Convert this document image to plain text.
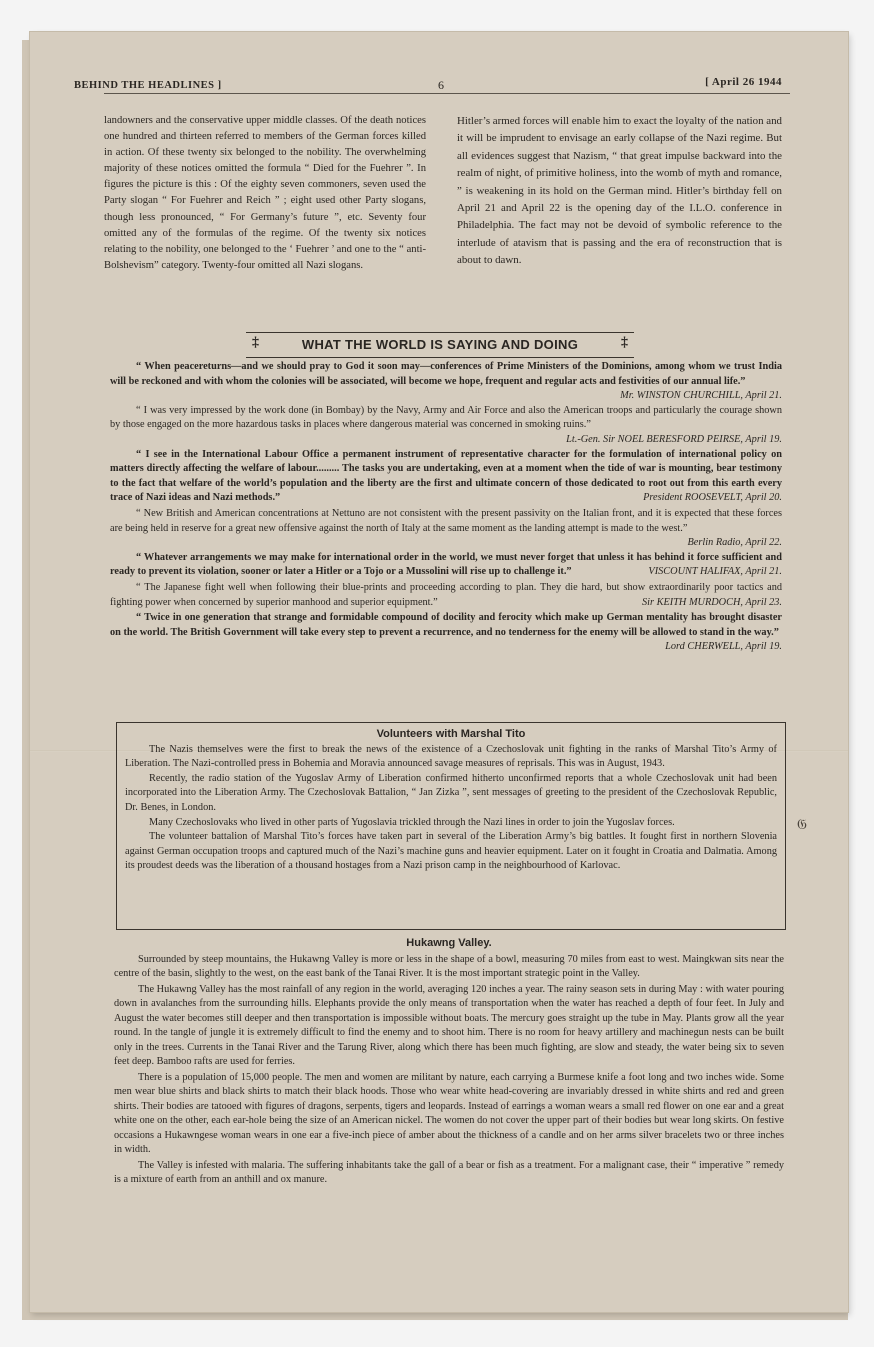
BEHIND THE HEADLINES ]	6	[ April 26 1944

landowners and the conservative upper middle classes. Of the death notices one hundred and thirteen referred to members of the German forces killed in action. Of these twenty six belonged to the nobility. The overwhelming majority of these notices omitted the formula “ Died for the Fuehrer ”. In figures the picture is this : Of the eighty seven commoners, seven used the Party slogan “ For Fuehrer and Reich ” ; eight used other Party slogans, though less pronounced, “ For Germany’s future ”, etc. Seventy four omitted any of the formulas of the regime. Of the twenty six notices relating to the nobility, one belonged to the ‘ Fuehrer ’ and one to the “ anti-Bolshevism” category. Twenty-four omitted all Nazi slogans.

Hitler’s armed forces will enable him to exact the loyalty of the nation and it will be imprudent to envisage an early collapse of the Nazi regime. But all evidences suggest that Nazism, “ that great impulse backward into the realm of night, of primitive holiness, into the womb of myth and romance, ” is weakening in its hold on the German mind. Hitler’s birthday fell on April 21 and April 22 is the opening day of the I.L.O. conference in Philadelphia. The fact may not be devoid of symbolic reference to the interlude of atavism that is passing and the era of reconstruction that is about to dawn.

‡	WHAT THE WORLD IS SAYING AND DOING	‡

“ When peacereturns—and we should pray to God it soon may—conferences of Prime Ministers of the Dominions, among whom we trust India will be reckoned and with whom the colonies will be associated, will become we hope, frequent and regular acts and festivities of our annual life.”
Mr. WINSTON CHURCHILL, April 21.

“ I was very impressed by the work done (in Bombay) by the Navy, Army and Air Force and also the American troops and particularly the courage shown by those engaged on the more hazardous tasks in places where dangerous material was concerned in smoking ruins.”
Lt.-Gen. Sir NOEL BERESFORD PEIRSE, April 19.

“ I see in the International Labour Office a permanent instrument of representative character for the formulation of international policy on matters directly affecting the welfare of labour......... The tasks you are undertaking, even at a moment when the tide of war is mounting, bear testimony to the fact that welfare of the world’s population and the liberty are the first and ultimate concern of those dedicated to root out from this earth every trace of Nazi ideas and Nazi methods.”	President ROOSEVELT, April 20.

“ New British and American concentrations at Nettuno are not consistent with the present passivity on the Italian front, and it is expected that these forces are being held in reserve for a great new offensive against the north of Italy at the same moment as the landing attempt is made to the west.”
Berlin Radio, April 22.

“ Whatever arrangements we may make for international order in the world, we must never forget that unless it has behind it force sufficient and ready to prevent its violation, sooner or later a Hitler or a Tojo or a Mussolini will rise up to challenge it.”	VISCOUNT HALIFAX, April 21.

“ The Japanese fight well when following their blue-prints and proceeding according to plan. They die hard, but show extraordinarily poor tactics and fighting power when concerned by superior manhood and superior equipment.”	Sir KEITH MURDOCH, April 23.

“ Twice in one generation that strange and formidable compound of docility and ferocity which make up German mentality has brought disaster on the world. The British Government will take every step to prevent a recurrence, and no tenderness for the enemy will be allowed to stand in the way.”
Lord CHERWELL, April 19.

Volunteers with Marshal Tito

The Nazis themselves were the first to break the news of the existence of a Czechoslovak unit fighting in the ranks of Marshal Tito’s Army of Liberation. The Nazi-controlled press in Bohemia and Moravia announced savage measures of reprisals. This was in August, 1943.

Recently, the radio station of the Yugoslav Army of Liberation confirmed hitherto unconfirmed reports that a whole Czechoslovak unit had been incorporated into the Liberation Army. The Czechoslovak Battalion, “ Jan Zizka ”, sent messages of greeting to the president of the Czechoslovak Republic, Dr. Benes, in London.

Many Czechoslovaks who lived in other parts of Yugoslavia trickled through the Nazi lines in order to join the Yugoslav forces.

The volunteer battalion of Marshal Tito’s forces have taken part in several of the Liberation Army’s big battles. It fought first in northern Slovenia against German occupation troops and captured much of the Nazi’s machine guns and heavier equipment. Later on it fought in Croatia and Dalmatia. Among its proudest deeds was the liberation of a thousand hostages from a Nazi prison camp in the neighbourhood of Karlovac.

Hukawng Valley.

Surrounded by steep mountains, the Hukawng Valley is more or less in the shape of a bowl, measuring 70 miles from east to west. Maingkwan sits near the centre of the basin, slightly to the west, on the east bank of the Tanai River. It is the most important strategic point in the Valley.

The Hukawng Valley has the most rainfall of any region in the world, averaging 120 inches a year. The rainy season sets in during May : with water pouring down in avalanches from the surrounding hills. Elephants provide the only means of transportation when the water has reached a depth of four feet. In July and August the water becomes still deeper and then transportation is impossible without boats. The mercury goes straight up the tube in May. Plants grow all the year round. In the tangle of jungle it is extremely difficult to find the enemy and to shoot him. There is no room for heavy artillery and machinegun nests can be built only in the trees. Currents in the Tanai River and the Tarung River, along which there has been much fighting, are slow and steady, the water being six to seven feet deep. Bamboo rafts are used for ferries.

There is a population of 15,000 people. The men and women are militant by nature, each carrying a Burmese knife a foot long and two inches wide. Some men wear blue shirts and black shirts to match their black hoods. Those who wear white head-covering are invariably dressed in white shirts and red and green shirts. Their bodies are tatooed with figures of dragons, serpents, tigers and leopards. Instead of earrings a woman wears a small red flower on one ear and a great white one on the other, each ear-hole being the size of an American nickel. The women do not cover the upper part of their bodies but wear long skirts. On festive occasions a Hukawngese woman wears in one ear a five-inch piece of amber about the thickness of a candle and on her arms silver bracelets two or three inches in width.

The Valley is infested with malaria. The suffering inhabitants take the gall of a bear or fish as a treatment. For a malignant case, their “ imperative ” remedy is a mixture of earth from an anthill and ox manure.

𝔊
